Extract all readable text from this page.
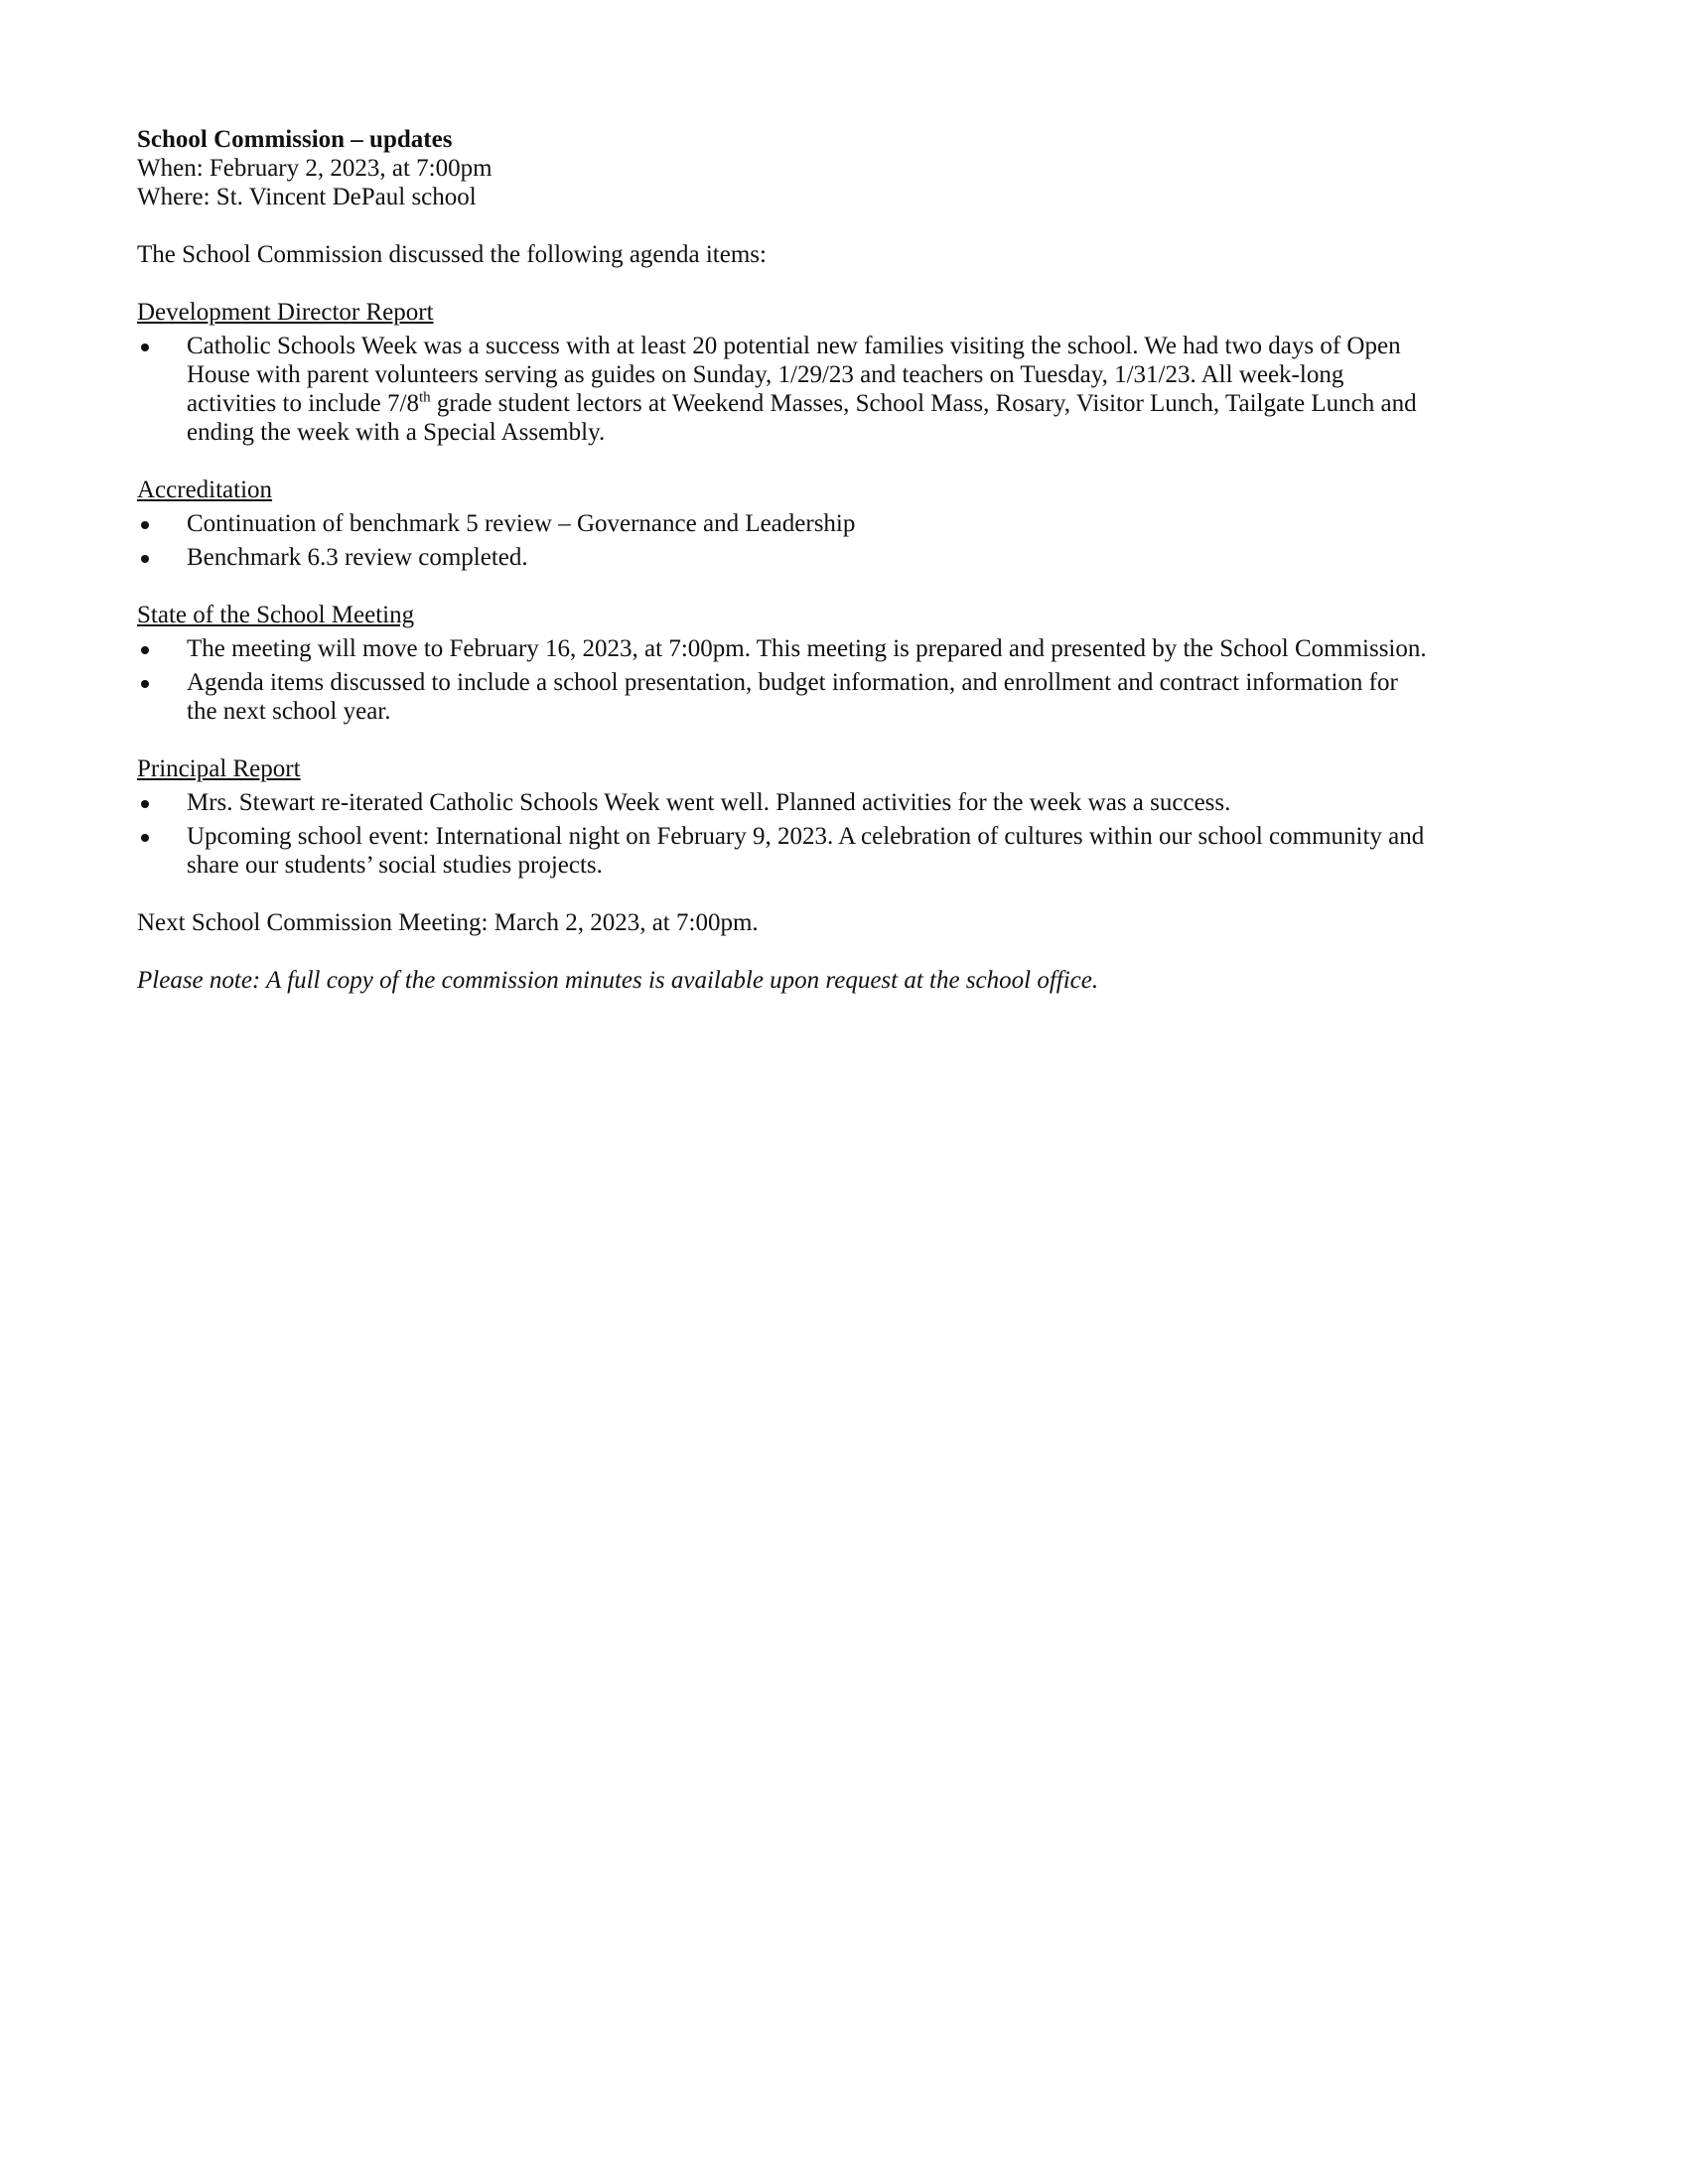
School Commission – updates

When: February 2, 2023, at 7:00pm

Where: St. Vincent DePaul school

The School Commission discussed the following agenda items:

Development Director Report

Catholic Schools Week was a success with at least 20 potential new families visiting the school. We had two days of Open House with parent volunteers serving as guides on Sunday, 1/29/23 and teachers on Tuesday, 1/31/23. All week-long activities to include 7/8th grade student lectors at Weekend Masses, School Mass, Rosary, Visitor Lunch, Tailgate Lunch and ending the week with a Special Assembly.

Accreditation

Continuation of benchmark 5 review – Governance and Leadership
Benchmark 6.3 review completed.

State of the School Meeting

The meeting will move to February 16, 2023, at 7:00pm. This meeting is prepared and presented by the School Commission.
Agenda items discussed to include a school presentation, budget information, and enrollment and contract information for the next school year.

Principal Report

Mrs. Stewart re-iterated Catholic Schools Week went well. Planned activities for the week was a success.
Upcoming school event: International night on February 9, 2023. A celebration of cultures within our school community and share our students’ social studies projects.

Next School Commission Meeting: March 2, 2023, at 7:00pm.

Please note: A full copy of the commission minutes is available upon request at the school office.
